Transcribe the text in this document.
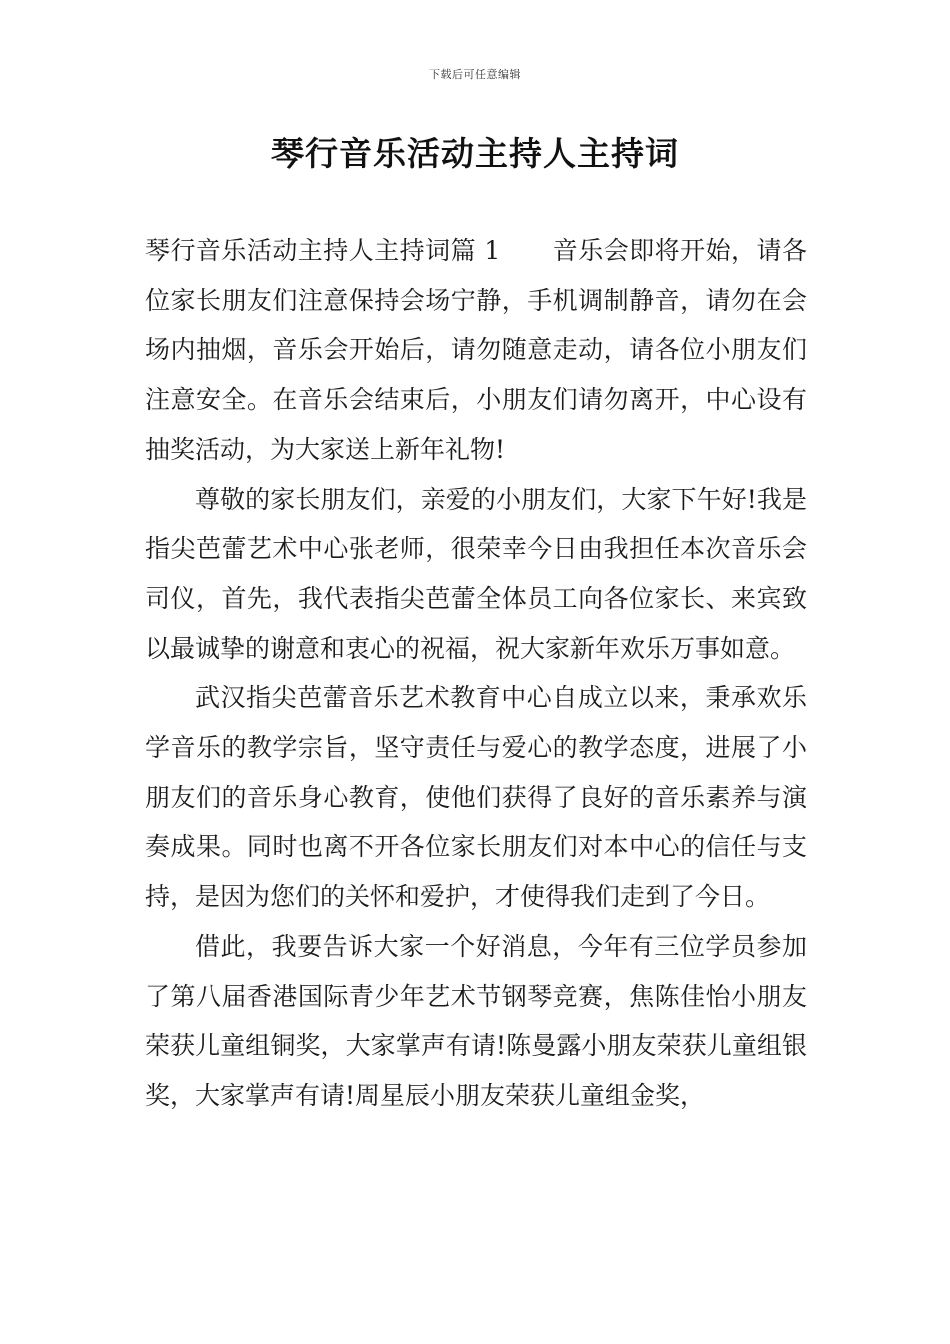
下载后可任意编辑
琴行音乐活动主持人主持词

琴行音乐活动主持人主持词篇 1 音乐会即将开始，请各位家长朋友们注意保持会场宁静，手机调制静音，请勿在会场内抽烟，音乐会开始后，请勿随意走动，请各位小朋友们注意安全。在音乐会结束后，小朋友们请勿离开，中心设有抽奖活动，为大家送上新年礼物!

尊敬的家长朋友们，亲爱的小朋友们，大家下午好!我是指尖芭蕾艺术中心张老师，很荣幸今日由我担任本次音乐会司仪，首先，我代表指尖芭蕾全体员工向各位家长、来宾致以最诚挚的谢意和衷心的祝福，祝大家新年欢乐万事如意。

武汉指尖芭蕾音乐艺术教育中心自成立以来，秉承欢乐学音乐的教学宗旨，坚守责任与爱心的教学态度，进展了小朋友们的音乐身心教育，使他们获得了良好的音乐素养与演奏成果。同时也离不开各位家长朋友们对本中心的信任与支持，是因为您们的关怀和爱护，才使得我们走到了今日。

借此，我要告诉大家一个好消息，今年有三位学员参加了第八届香港国际青少年艺术节钢琴竞赛，焦陈佳怡小朋友荣获儿童组铜奖，大家掌声有请!陈曼露小朋友荣获儿童组银奖，大家掌声有请!周星辰小朋友荣获儿童组金奖，
